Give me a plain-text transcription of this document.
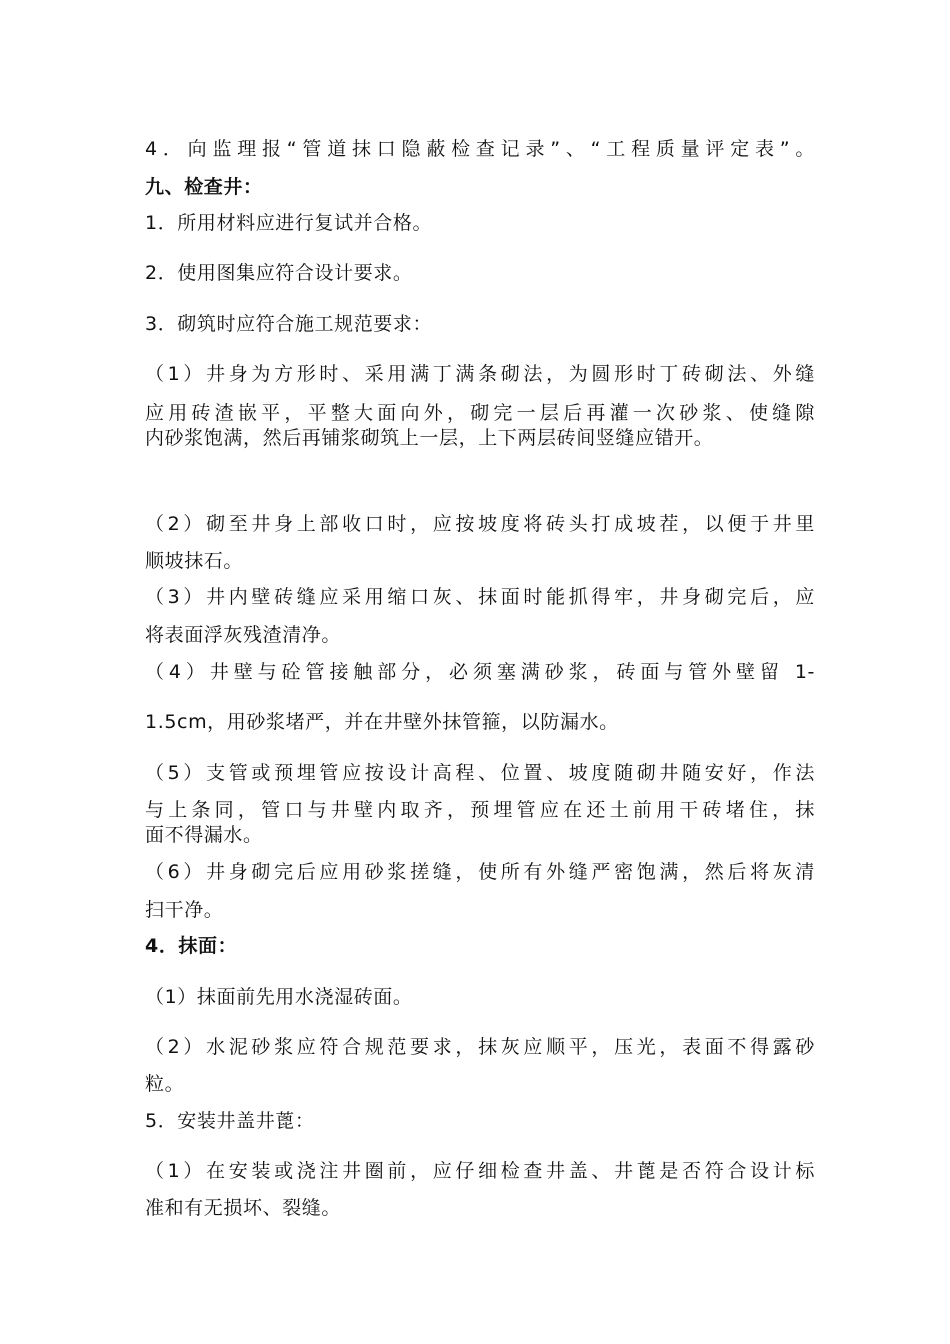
4．向监理报“管道抹口隐蔽检查记录”、“工程质量评定表”。
九、检查井：
1．所用材料应进行复试并合格。
2．使用图集应符合设计要求。
3．砌筑时应符合施工规范要求：
（1）井身为方形时、采用满丁满条砌法，为圆形时丁砖砌法、外缝
应用砖渣嵌平，平整大面向外，砌完一层后再灌一次砂浆、使缝隙
内砂浆饱满，然后再铺浆砌筑上一层，上下两层砖间竖缝应错开。
（2）砌至井身上部收口时，应按坡度将砖头打成坡茬，以便于井里
顺坡抹石。
（3）井内壁砖缝应采用缩口灰、抹面时能抓得牢，井身砌完后，应
将表面浮灰残渣清净。
（4）井壁与砼管接触部分，必须塞满砂浆，砖面与管外壁留 1-
1.5cm，用砂浆堵严，并在井壁外抹管箍，以防漏水。
（5）支管或预埋管应按设计高程、位置、坡度随砌井随安好，作法
与上条同，管口与井壁内取齐，预埋管应在还土前用干砖堵住，抹
面不得漏水。
（6）井身砌完后应用砂浆搓缝，使所有外缝严密饱满，然后将灰清
扫干净。
4．抹面：
（1）抹面前先用水浇湿砖面。
（2）水泥砂浆应符合规范要求，抹灰应顺平，压光，表面不得露砂
粒。
5．安装井盖井蓖：
（1）在安装或浇注井圈前，应仔细检查井盖、井蓖是否符合设计标
准和有无损坏、裂缝。
